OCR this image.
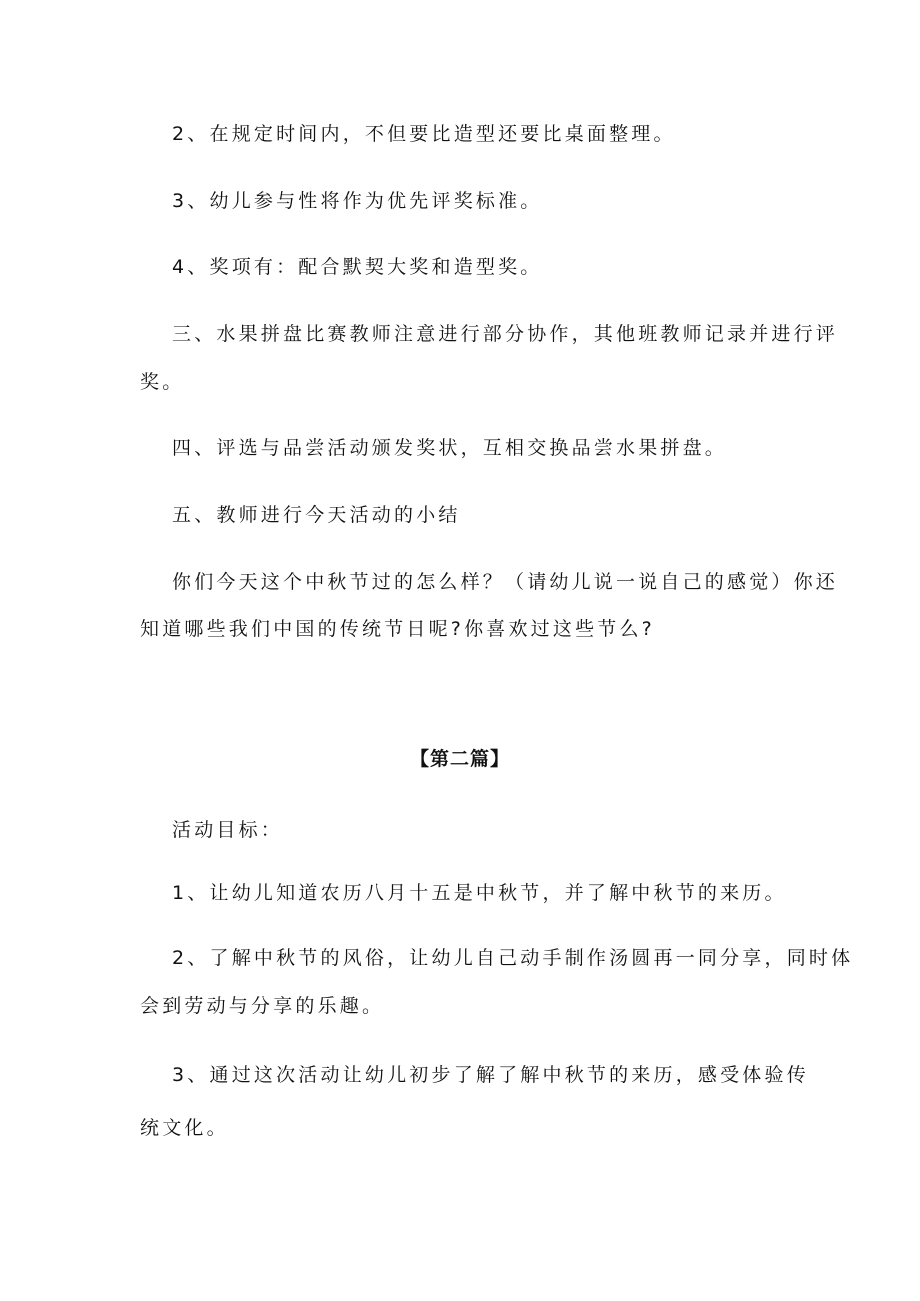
2、在规定时间内，不但要比造型还要比桌面整理。
3、幼儿参与性将作为优先评奖标准。
4、奖项有：配合默契大奖和造型奖。
三、水果拼盘比赛教师注意进行部分协作，其他班教师记录并进行评
奖。
四、评选与品尝活动颁发奖状，互相交换品尝水果拼盘。
五、教师进行今天活动的小结
你们今天这个中秋节过的怎么样？（请幼儿说一说自己的感觉）你还
知道哪些我们中国的传统节日呢?你喜欢过这些节么?
【第二篇】
活动目标：
1、让幼儿知道农历八月十五是中秋节，并了解中秋节的来历。
2、了解中秋节的风俗，让幼儿自己动手制作汤圆再一同分享，同时体
会到劳动与分享的乐趣。
3、通过这次活动让幼儿初步了解了解中秋节的来历，感受体验传
统文化。
